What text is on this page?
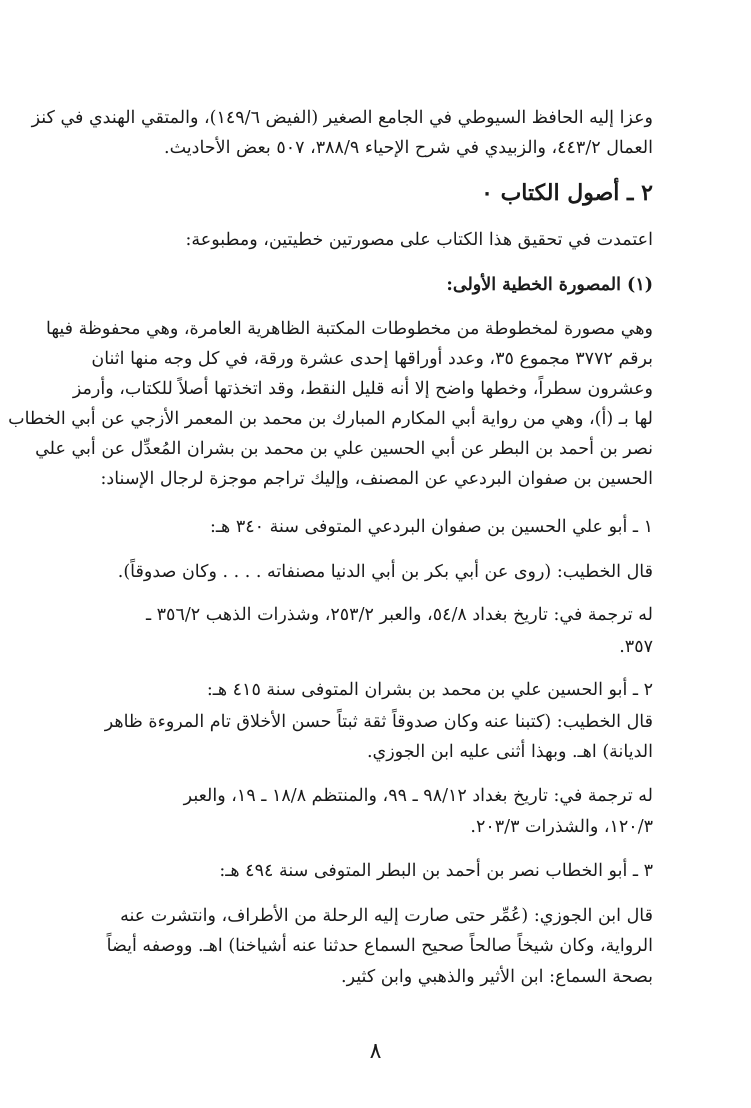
وعزا إليه الحافظ السيوطي في الجامع الصغير (الفيض ١٤٩/٦)، والمتقي الهندي في كنز
العمال ٤٤٣/٢، والزبيدي في شرح الإحياء ٣٨٨/٩، ٥٠٧ بعض الأحاديث.
٢ ـ أصول الكتاب ۰
اعتمدت في تحقيق هذا الكتاب على مصورتين خطيتين، ومطبوعة:
(١) المصورة الخطية الأولى:
وهي مصورة لمخطوطة من مخطوطات المكتبة الظاهرية العامرة، وهي محفوظة فيها
برقم ٣٧٧٢ مجموع ٣٥، وعدد أوراقها إحدى عشرة ورقة، في كل وجه منها اثنان
وعشرون سطراً، وخطها واضح إلا أنه قليل النقط، وقد اتخذتها أصلاً للكتاب، وأرمز
لها بـ (أ)، وهي من رواية أبي المكارم المبارك بن محمد بن المعمر الأزجي عن أبي الخطاب
نصر بن أحمد بن البطر عن أبي الحسين علي بن محمد بن بشران المُعدِّل عن أبي علي
الحسين بن صفوان البردعي عن المصنف، وإليك تراجم موجزة لرجال الإسناد:
١ ـ أبو علي الحسين بن صفوان البردعي المتوفى سنة ٣٤٠ هـ:
قال الخطيب: (روى عن أبي بكر بن أبي الدنيا مصنفاته . . . . وكان صدوقاً).
له ترجمة في: تاريخ بغداد ٥٤/٨، والعبر ٢٥٣/٢، وشذرات الذهب ٣٥٦/٢ ـ
٣٥٧.
٢ ـ أبو الحسين علي بن محمد بن بشران المتوفى سنة ٤١٥ هـ:
قال الخطيب: (كتبنا عنه وكان صدوقاً ثقة ثبتاً حسن الأخلاق تام المروءة ظاهر
الديانة) اهـ. وبهذا أثنى عليه ابن الجوزي.
له ترجمة في: تاريخ بغداد ٩٨/١٢ ـ ٩٩، والمنتظم ١٨/٨ ـ ١٩، والعبر
١٢٠/٣، والشذرات ٢٠٣/٣.
٣ ـ أبو الخطاب نصر بن أحمد بن البطر المتوفى سنة ٤٩٤ هـ:
قال ابن الجوزي: (عُمِّر حتى صارت إليه الرحلة من الأطراف، وانتشرت عنه
الرواية، وكان شيخاً صالحاً صحيح السماع حدثنا عنه أشياخنا) اهـ. ووصفه أيضاً
بصحة السماع: ابن الأثير والذهبي وابن كثير.
٨
